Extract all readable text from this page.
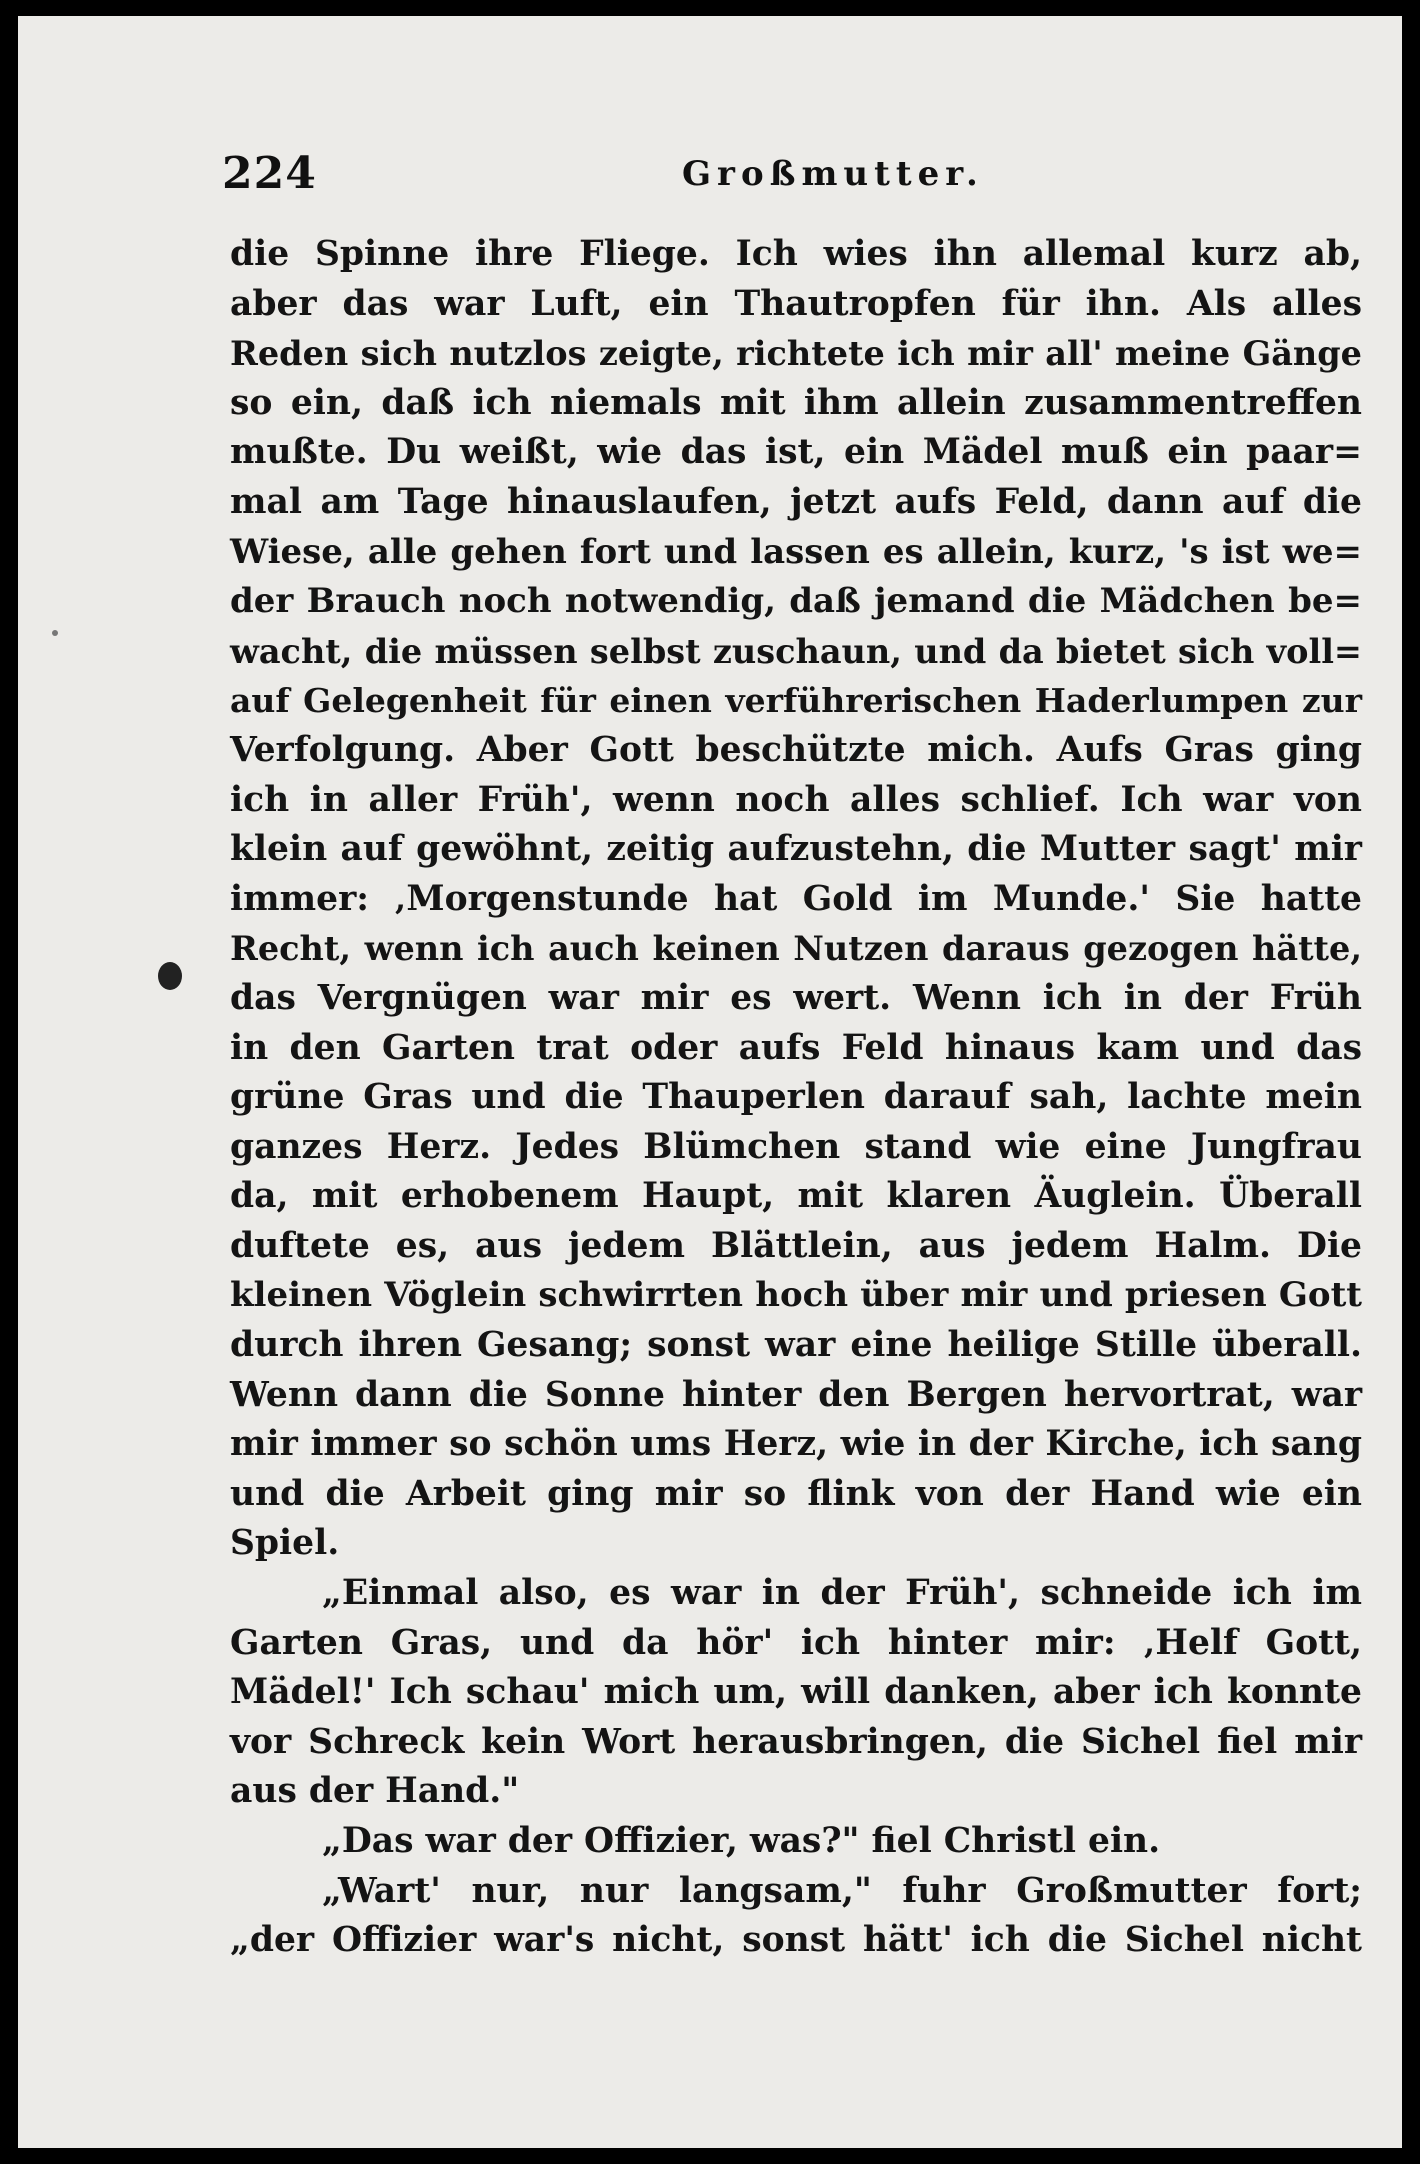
224	Großmutter.
die Spinne ihre Fliege. Ich wies ihn allemal kurz ab,
aber das war Luft, ein Thautropfen für ihn. Als alles
Reden sich nutzlos zeigte, richtete ich mir all' meine Gänge
so ein, daß ich niemals mit ihm allein zusammentreffen
mußte. Du weißt, wie das ist, ein Mädel muß ein paar=
mal am Tage hinauslaufen, jetzt aufs Feld, dann auf die
Wiese, alle gehen fort und lassen es allein, kurz, 's ist we=
der Brauch noch notwendig, daß jemand die Mädchen be=
wacht, die müssen selbst zuschaun, und da bietet sich voll=
auf Gelegenheit für einen verführerischen Haderlumpen zur
Verfolgung. Aber Gott beschützte mich. Aufs Gras ging
ich in aller Früh', wenn noch alles schlief. Ich war von
klein auf gewöhnt, zeitig aufzustehn, die Mutter sagt' mir
immer: ‚Morgenstunde hat Gold im Munde.' Sie hatte
Recht, wenn ich auch keinen Nutzen daraus gezogen hätte,
das Vergnügen war mir es wert. Wenn ich in der Früh
in den Garten trat oder aufs Feld hinaus kam und das
grüne Gras und die Thauperlen darauf sah, lachte mein
ganzes Herz. Jedes Blümchen stand wie eine Jungfrau
da, mit erhobenem Haupt, mit klaren Äuglein. Überall
duftete es, aus jedem Blättlein, aus jedem Halm. Die
kleinen Vöglein schwirrten hoch über mir und priesen Gott
durch ihren Gesang; sonst war eine heilige Stille überall.
Wenn dann die Sonne hinter den Bergen hervortrat, war
mir immer so schön ums Herz, wie in der Kirche, ich sang
und die Arbeit ging mir so flink von der Hand wie ein
Spiel.
„Einmal also, es war in der Früh', schneide ich im
Garten Gras, und da hör' ich hinter mir: ‚Helf Gott,
Mädel!' Ich schau' mich um, will danken, aber ich konnte
vor Schreck kein Wort herausbringen, die Sichel fiel mir
aus der Hand."
„Das war der Offizier, was?" fiel Christl ein.
„Wart' nur, nur langsam," fuhr Großmutter fort;
„der Offizier war's nicht, sonst hätt' ich die Sichel nicht
